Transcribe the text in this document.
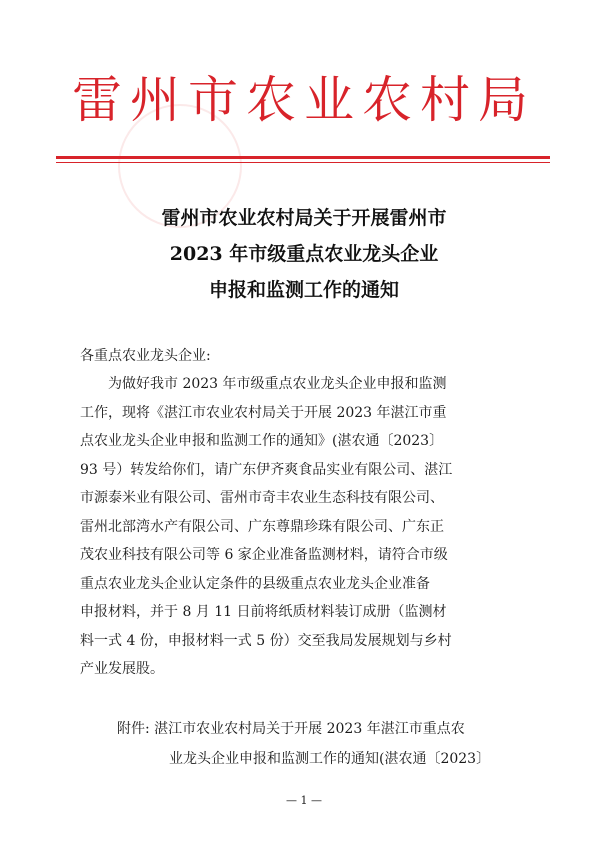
雷州市农业农村局
雷州市农业农村局关于开展雷州市
2023 年市级重点农业龙头企业
申报和监测工作的通知
各重点农业龙头企业:
为做好我市 2023 年市级重点农业龙头企业申报和监测
工作，现将《湛江市农业农村局关于开展 2023 年湛江市重
点农业龙头企业申报和监测工作的通知》(湛农通〔2023〕
93 号）转发给你们，请广东伊齐爽食品实业有限公司、湛江
市源泰米业有限公司、雷州市奇丰农业生态科技有限公司、
雷州北部湾水产有限公司、广东尊鼎珍珠有限公司、广东正
茂农业科技有限公司等 6 家企业准备监测材料，请符合市级
重点农业龙头企业认定条件的县级重点农业龙头企业准备
申报材料，并于 8 月 11 日前将纸质材料装订成册（监测材
料一式 4 份，申报材料一式 5 份）交至我局发展规划与乡村
产业发展股。
附件: 湛江市农业农村局关于开展 2023 年湛江市重点农
业龙头企业申报和监测工作的通知(湛农通〔2023〕
— 1 —
